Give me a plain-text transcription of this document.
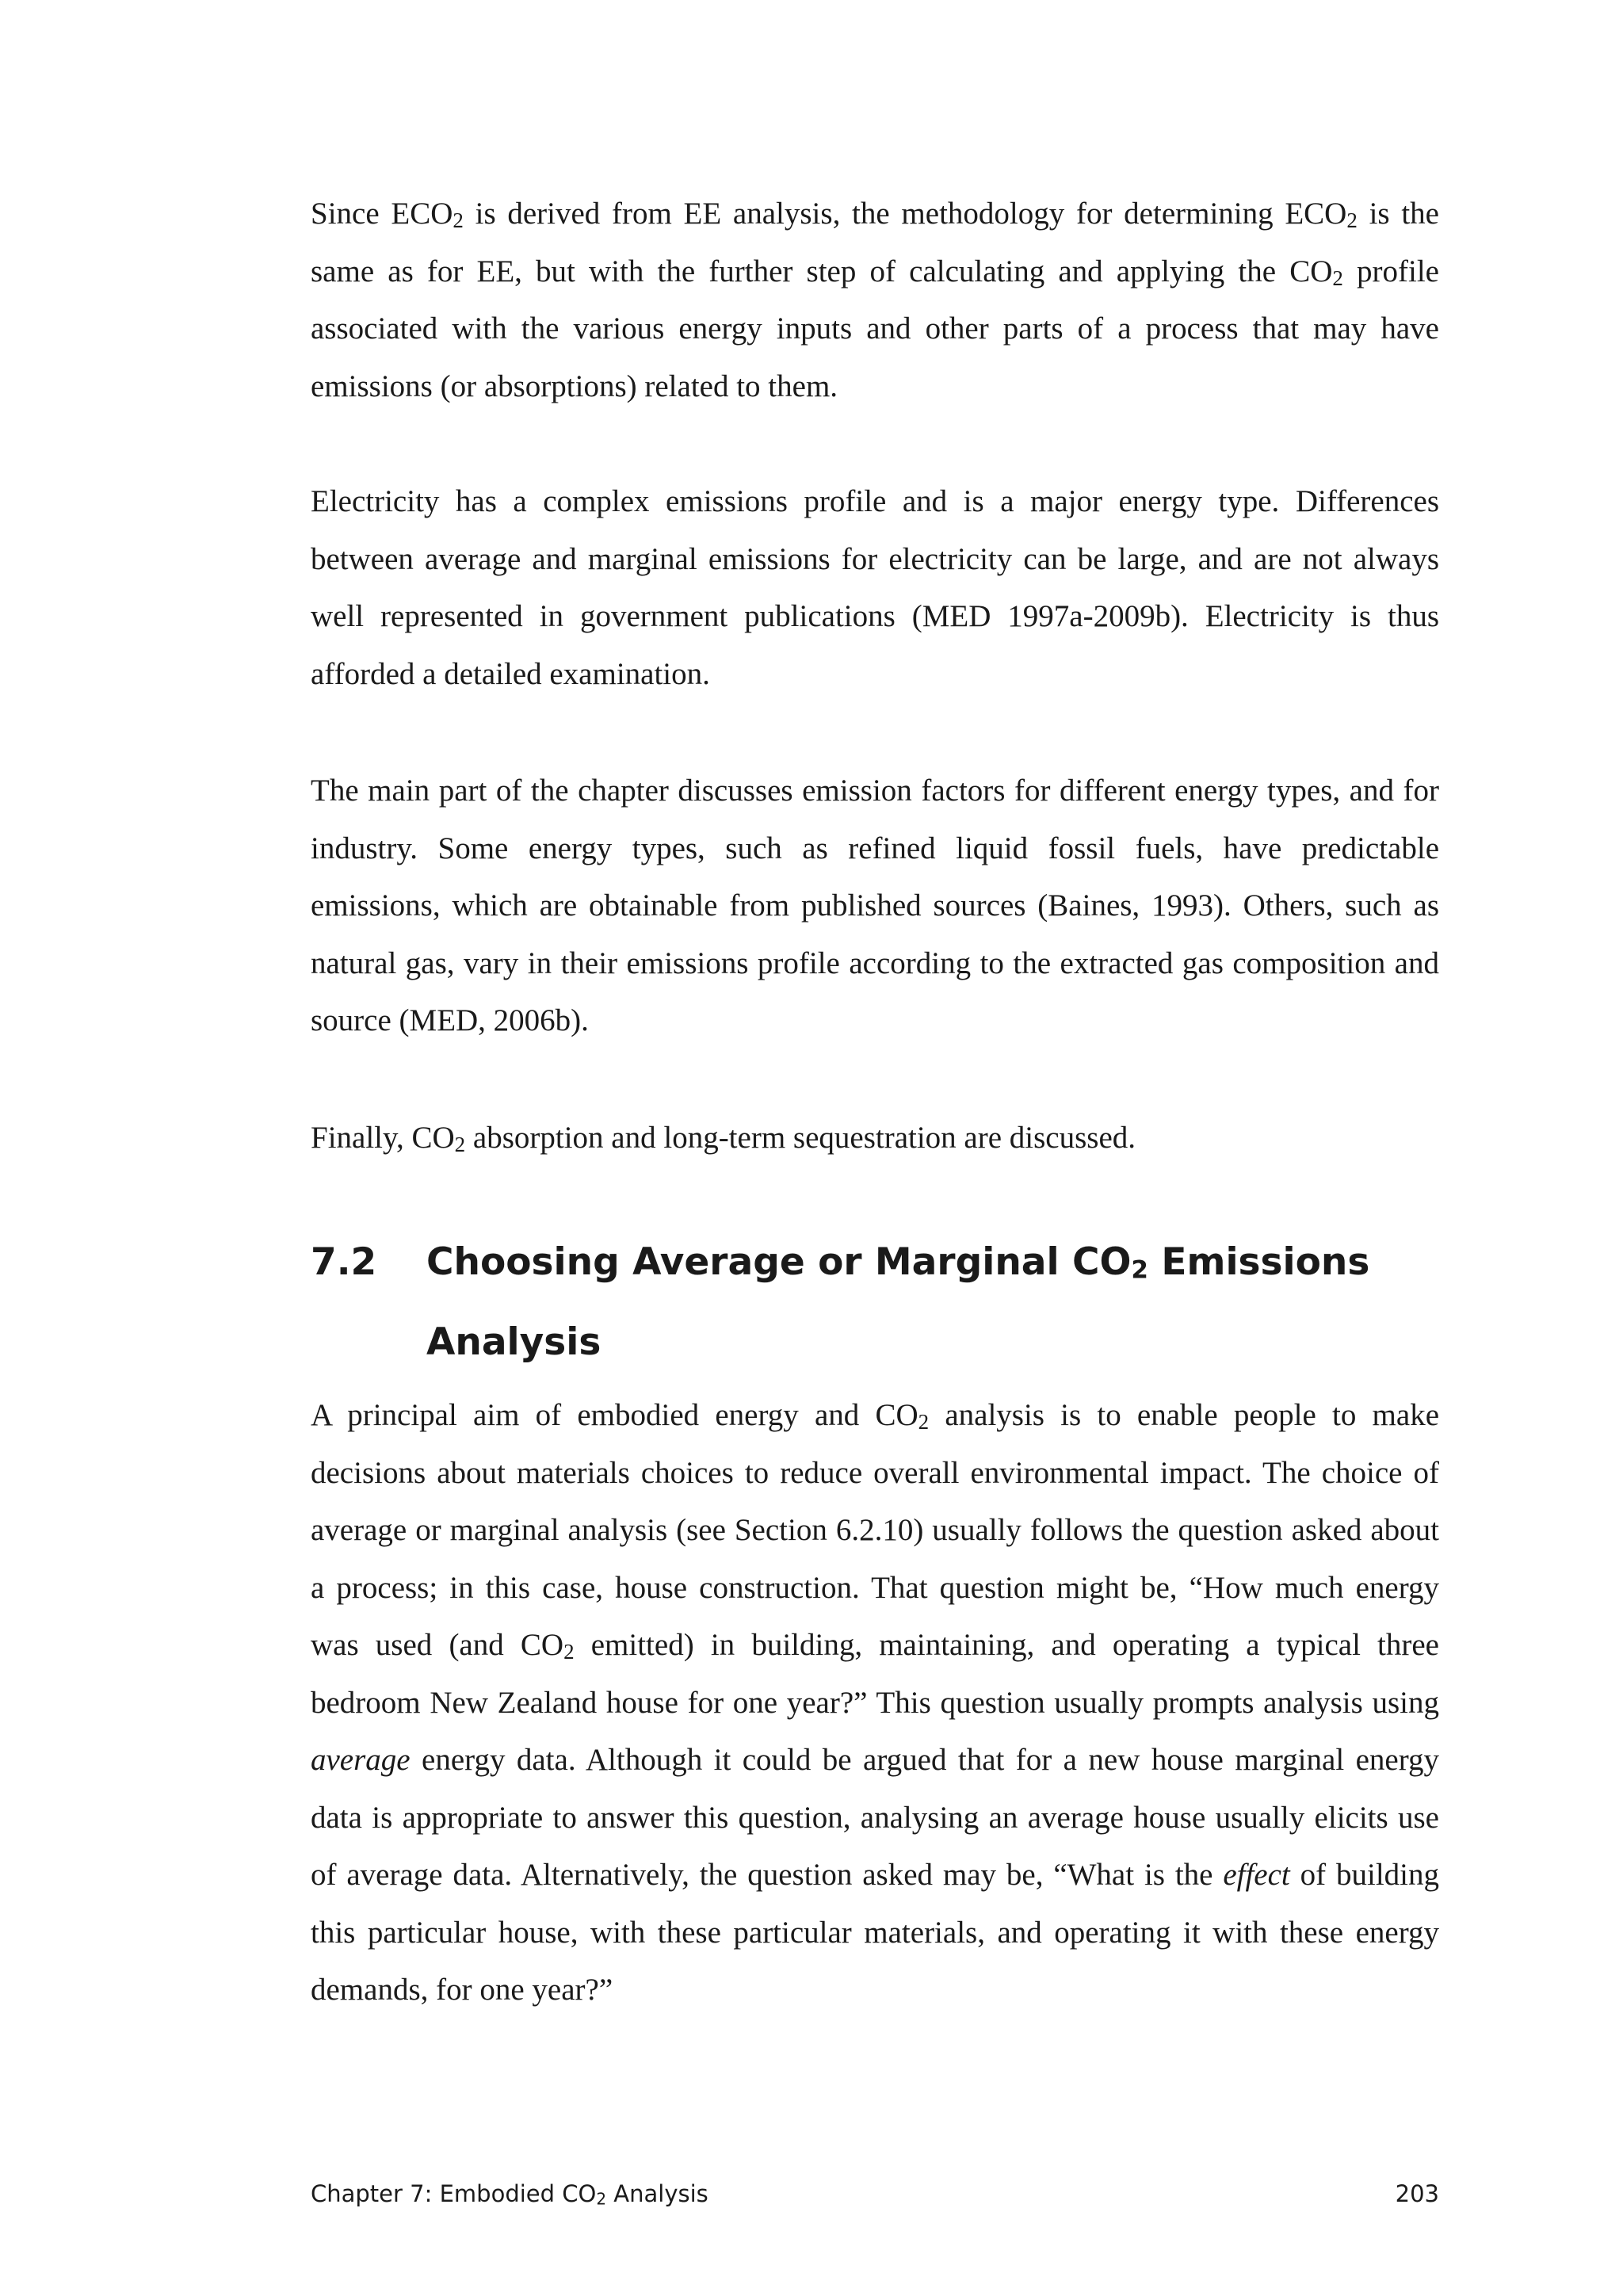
Since ECO2 is derived from EE analysis, the methodology for determining ECO2 is the same as for EE, but with the further step of calculating and applying the CO2 profile associated with the various energy inputs and other parts of a process that may have emissions (or absorptions) related to them.

Electricity has a complex emissions profile and is a major energy type. Differences between average and marginal emissions for electricity can be large, and are not always well represented in government publications (MED 1997a-2009b). Electricity is thus afforded a detailed examination.

The main part of the chapter discusses emission factors for different energy types, and for industry. Some energy types, such as refined liquid fossil fuels, have predictable emissions, which are obtainable from published sources (Baines, 1993). Others, such as natural gas, vary in their emissions profile according to the extracted gas composition and source (MED, 2006b).

Finally, CO2 absorption and long-term sequestration are discussed.

7.2 Choosing Average or Marginal CO2 Emissions Analysis

A principal aim of embodied energy and CO2 analysis is to enable people to make decisions about materials choices to reduce overall environmental impact. The choice of average or marginal analysis (see Section 6.2.10) usually follows the question asked about a process; in this case, house construction. That question might be, “How much energy was used (and CO2 emitted) in building, maintaining, and operating a typical three bedroom New Zealand house for one year?” This question usually prompts analysis using average energy data. Although it could be argued that for a new house marginal energy data is appropriate to answer this question, analysing an average house usually elicits use of average data. Alternatively, the question asked may be, “What is the effect of building this particular house, with these particular materials, and operating it with these energy demands, for one year?”

Chapter 7: Embodied CO2 Analysis	203
